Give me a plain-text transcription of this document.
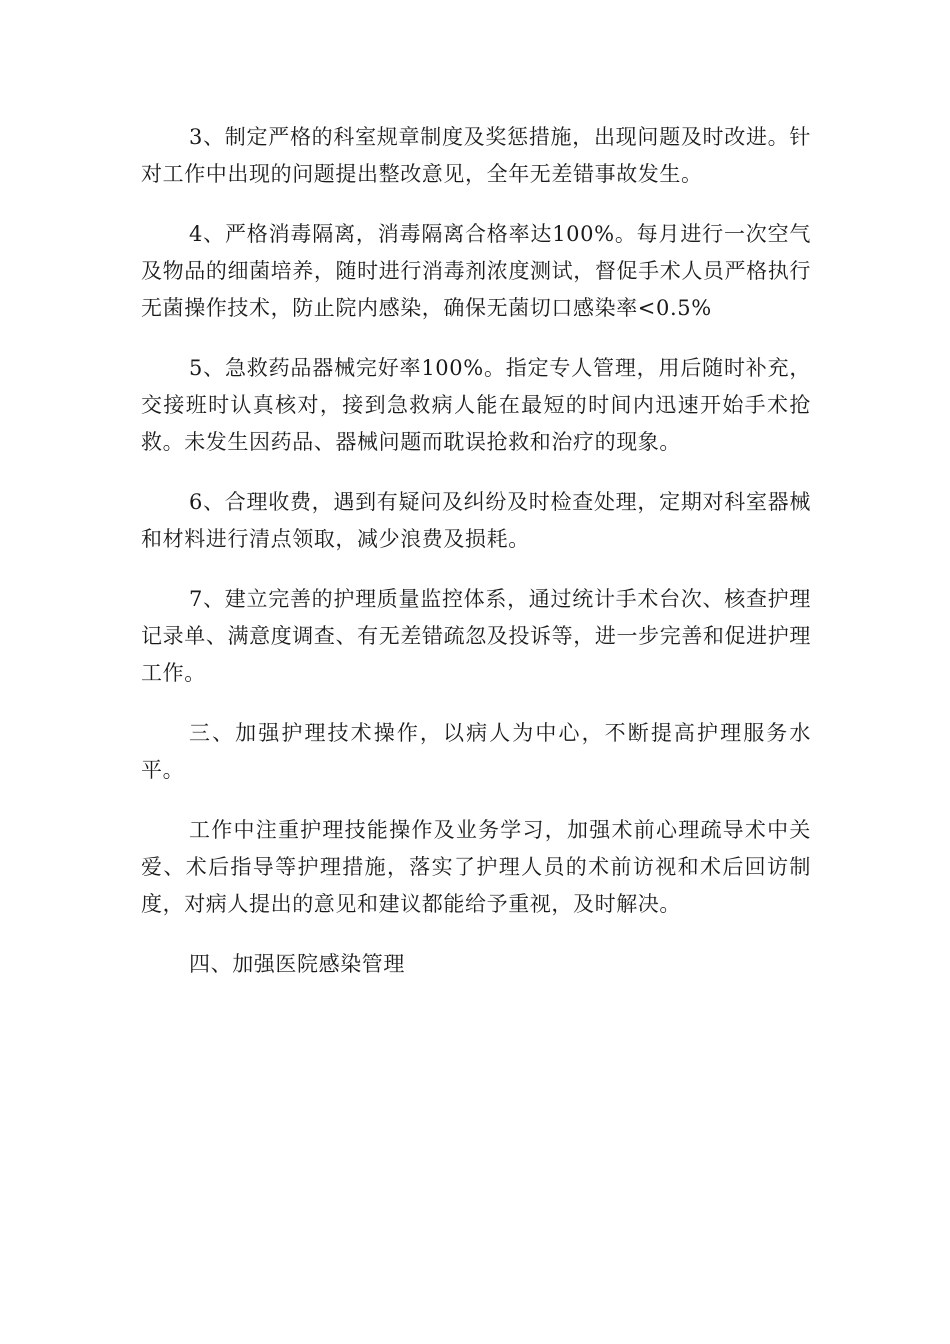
3、制定严格的科室规章制度及奖惩措施，出现问题及时改进。针对工作中出现的问题提出整改意见，全年无差错事故发生。

4、严格消毒隔离，消毒隔离合格率达100%。每月进行一次空气及物品的细菌培养，随时进行消毒剂浓度测试，督促手术人员严格执行无菌操作技术，防止院内感染，确保无菌切口感染率<0.5%

5、急救药品器械完好率100%。指定专人管理，用后随时补充，交接班时认真核对，接到急救病人能在最短的时间内迅速开始手术抢救。未发生因药品、器械问题而耽误抢救和治疗的现象。

6、合理收费，遇到有疑问及纠纷及时检查处理，定期对科室器械和材料进行清点领取，减少浪费及损耗。

7、建立完善的护理质量监控体系，通过统计手术台次、核查护理记录单、满意度调查、有无差错疏忽及投诉等，进一步完善和促进护理工作。

三、加强护理技术操作，以病人为中心，不断提高护理服务水平。

工作中注重护理技能操作及业务学习，加强术前心理疏导术中关爱、术后指导等护理措施，落实了护理人员的术前访视和术后回访制度，对病人提出的意见和建议都能给予重视，及时解决。

四、加强医院感染管理
